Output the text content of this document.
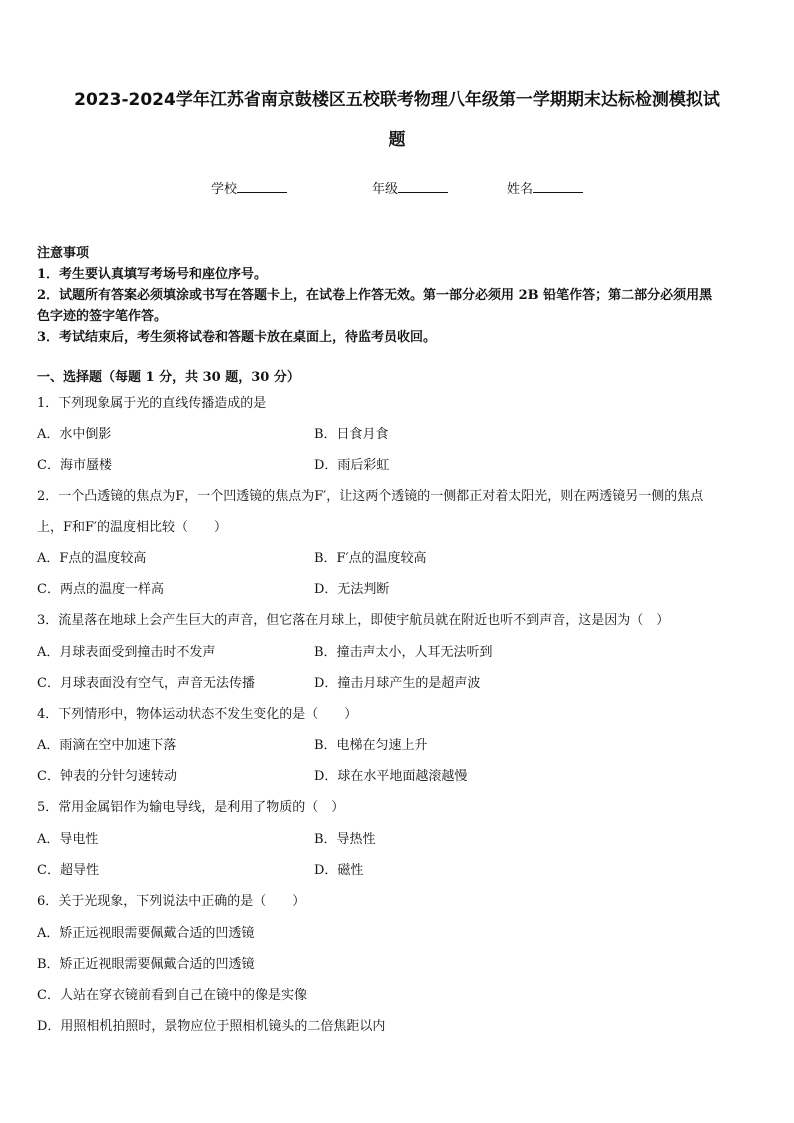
2023-2024学年江苏省南京鼓楼区五校联考物理八年级第一学期期末达标检测模拟试
题
学校	年级	姓名
注意事项
1．考生要认真填写考场号和座位序号。
2．试题所有答案必须填涂或书写在答题卡上，在试卷上作答无效。第一部分必须用 2B 铅笔作答；第二部分必须用黑
色字迹的签字笔作答。
3．考试结束后，考生须将试卷和答题卡放在桌面上，待监考员收回。
一、选择题（每题 1 分，共 30 题，30 分）
1．下列现象属于光的直线传播造成的是
A．水中倒影	B．日食月食
C．海市蜃楼	D．雨后彩虹
2．一个凸透镜的焦点为F，一个凹透镜的焦点为F′，让这两个透镜的一侧都正对着太阳光，则在两透镜另一侧的焦点
上，F和F′的温度相比较（　　）
A．F点的温度较高	B．F′点的温度较高
C．两点的温度一样高	D．无法判断
3．流星落在地球上会产生巨大的声音，但它落在月球上，即使宇航员就在附近也听不到声音，这是因为（　）
A．月球表面受到撞击时不发声	B．撞击声太小，人耳无法听到
C．月球表面没有空气，声音无法传播	D．撞击月球产生的是超声波
4．下列情形中，物体运动状态不发生变化的是（　　）
A．雨滴在空中加速下落	B．电梯在匀速上升
C．钟表的分针匀速转动	D．球在水平地面越滚越慢
5．常用金属铝作为输电导线，是利用了物质的（　）
A．导电性	B．导热性
C．超导性	D．磁性
6．关于光现象，下列说法中正确的是（　　）
A．矫正远视眼需要佩戴合适的凹透镜
B．矫正近视眼需要佩戴合适的凹透镜
C．人站在穿衣镜前看到自己在镜中的像是实像
D．用照相机拍照时，景物应位于照相机镜头的二倍焦距以内
